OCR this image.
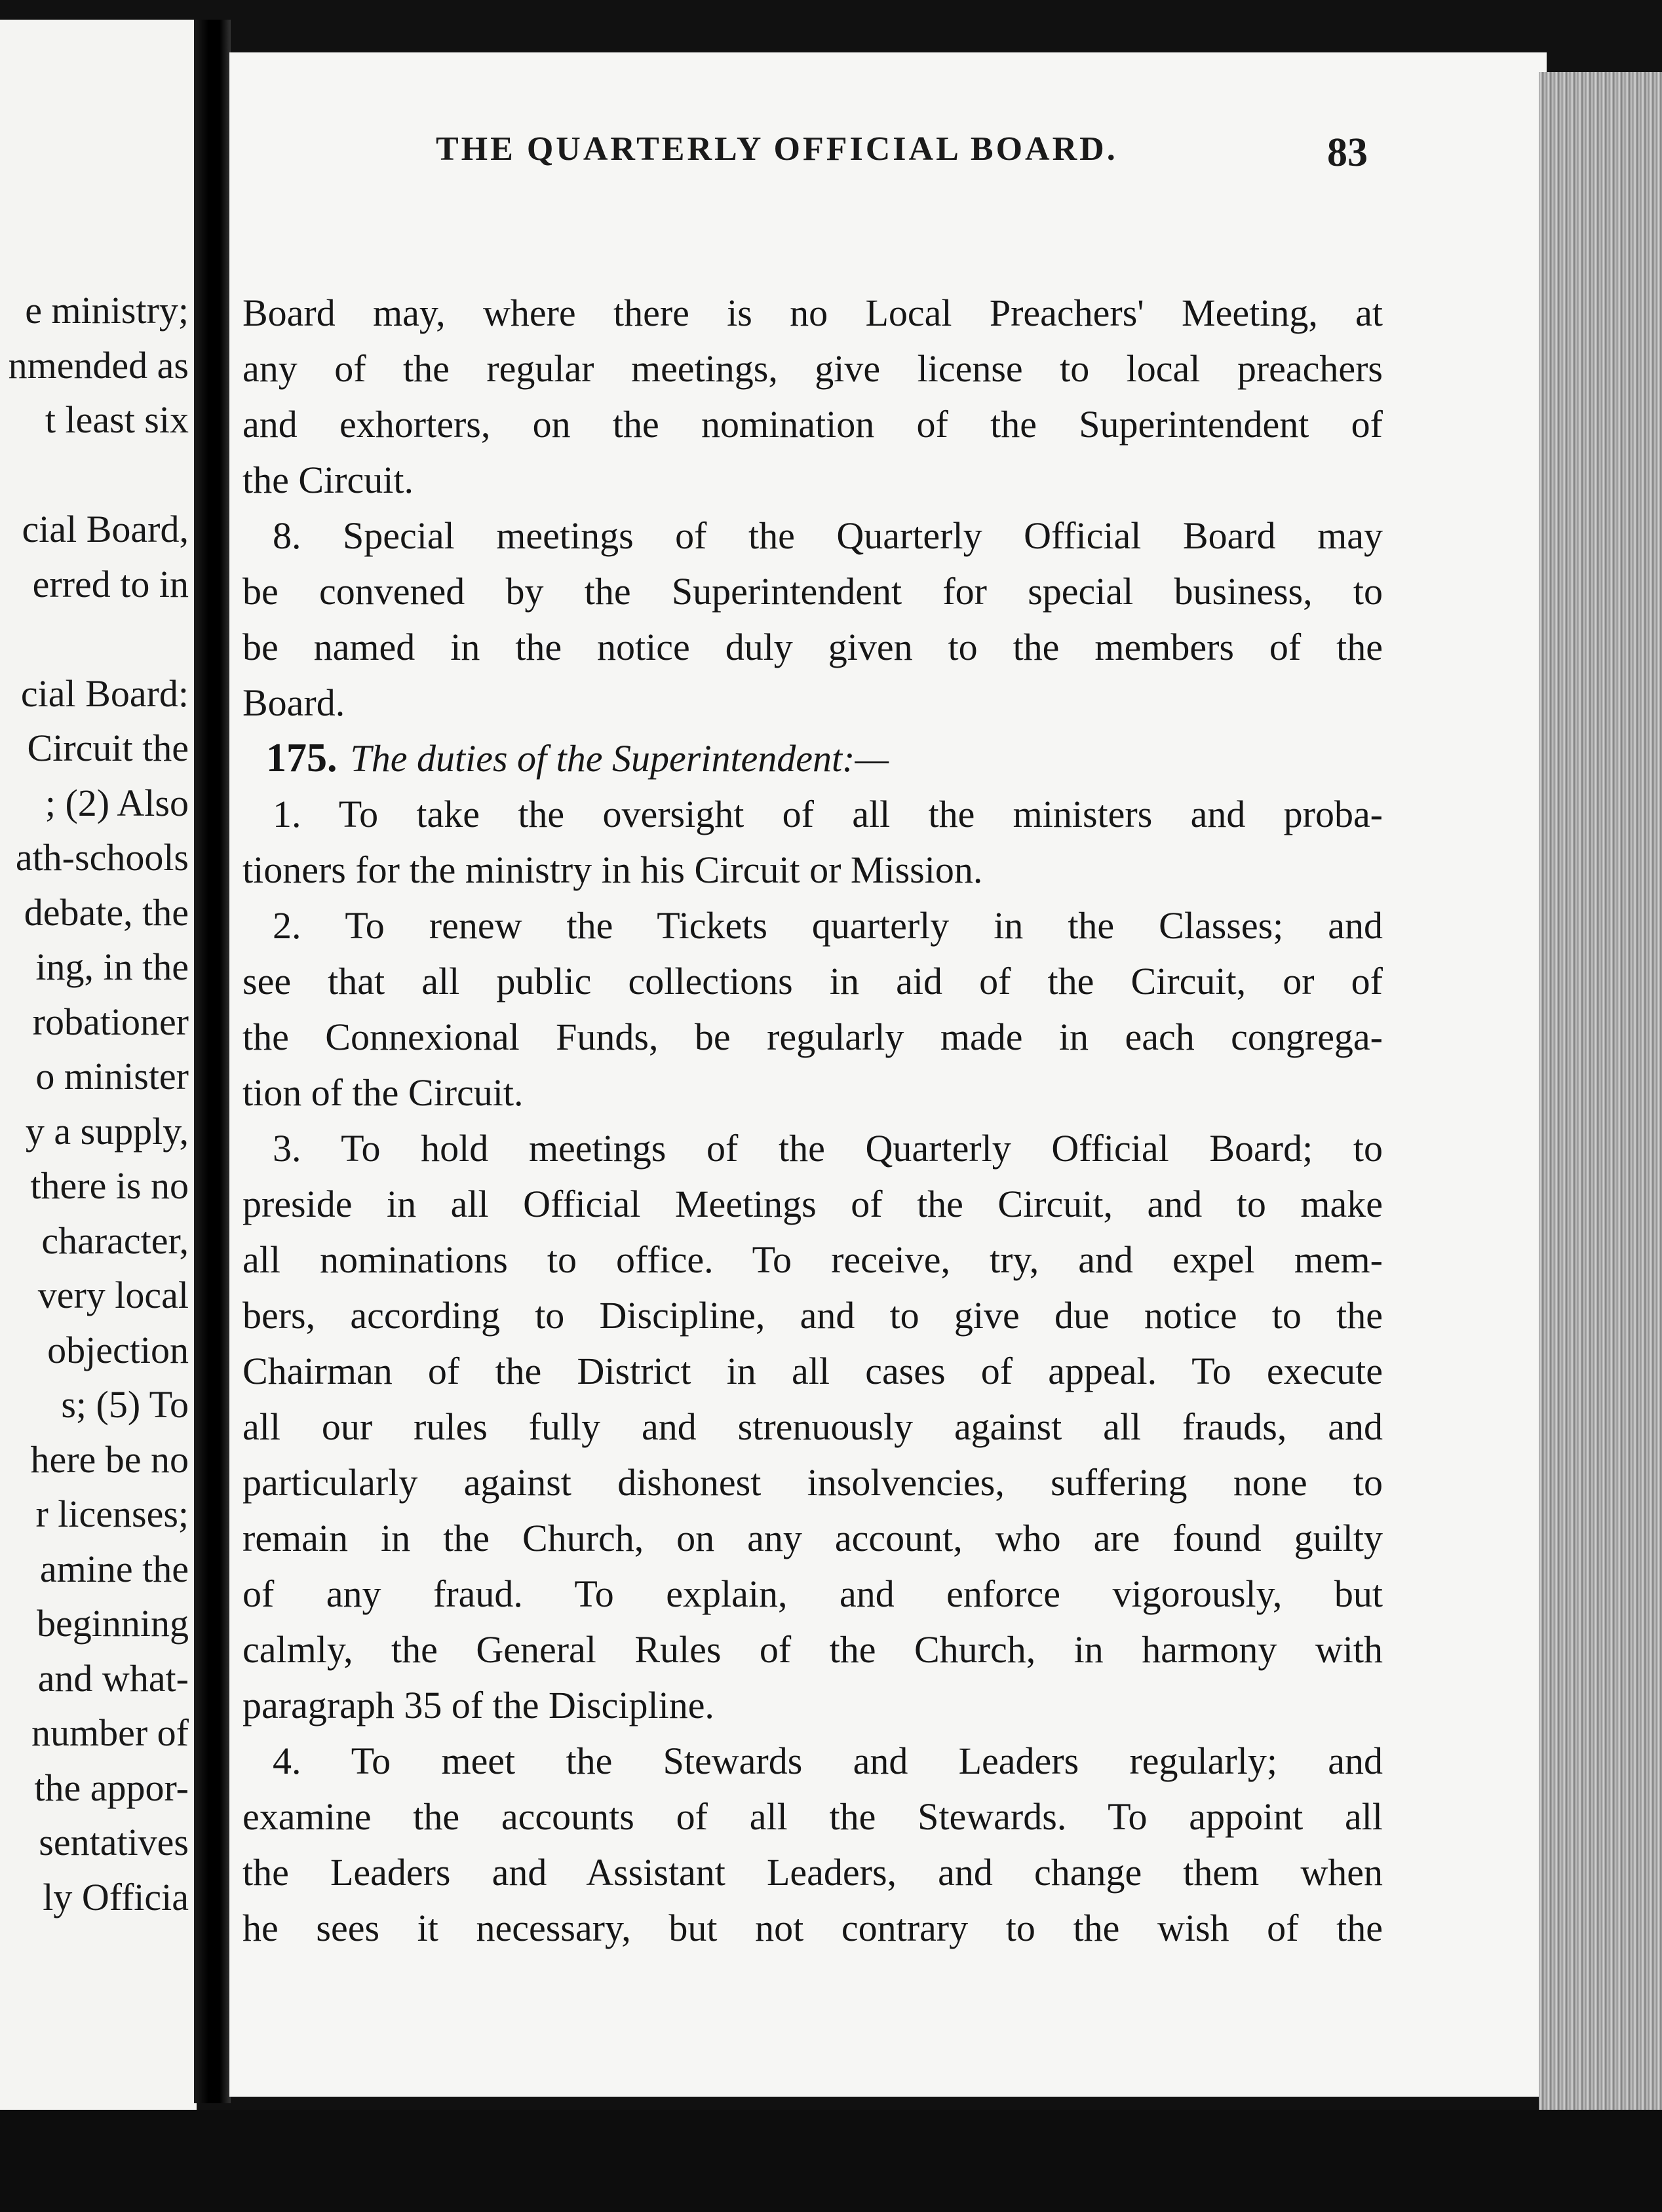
e ministry;
nmended as
t least six

cial Board,
erred to in

cial Board:
Circuit the
; (2) Also
ath-schools
debate, the
ing, in the
robationer
o minister
y a supply,
there is no
character,
very local
objection
s; (5) To
here be no
r licenses;
amine the
beginning
and what-
number of
the appor-
sentatives
ly Officia
THE QUARTERLY OFFICIAL BOARD.	83
Board may, where there is no Local Preachers' Meeting, at
any of the regular meetings, give license to local preachers
and exhorters, on the nomination of the Superintendent of
the Circuit.
8. Special meetings of the Quarterly Official Board may
be convened by the Superintendent for special business, to
be named in the notice duly given to the members of the
Board.
175. The duties of the Superintendent:—
1. To take the oversight of all the ministers and proba-
tioners for the ministry in his Circuit or Mission.
2. To renew the Tickets quarterly in the Classes; and
see that all public collections in aid of the Circuit, or of
the Connexional Funds, be regularly made in each congrega-
tion of the Circuit.
3. To hold meetings of the Quarterly Official Board; to
preside in all Official Meetings of the Circuit, and to make
all nominations to office. To receive, try, and expel mem-
bers, according to Discipline, and to give due notice to the
Chairman of the District in all cases of appeal. To execute
all our rules fully and strenuously against all frauds, and
particularly against dishonest insolvencies, suffering none to
remain in the Church, on any account, who are found guilty
of any fraud. To explain, and enforce vigorously, but
calmly, the General Rules of the Church, in harmony with
paragraph 35 of the Discipline.
4. To meet the Stewards and Leaders regularly; and
examine the accounts of all the Stewards. To appoint all
the Leaders and Assistant Leaders, and change them when
he sees it necessary, but not contrary to the wish of the
